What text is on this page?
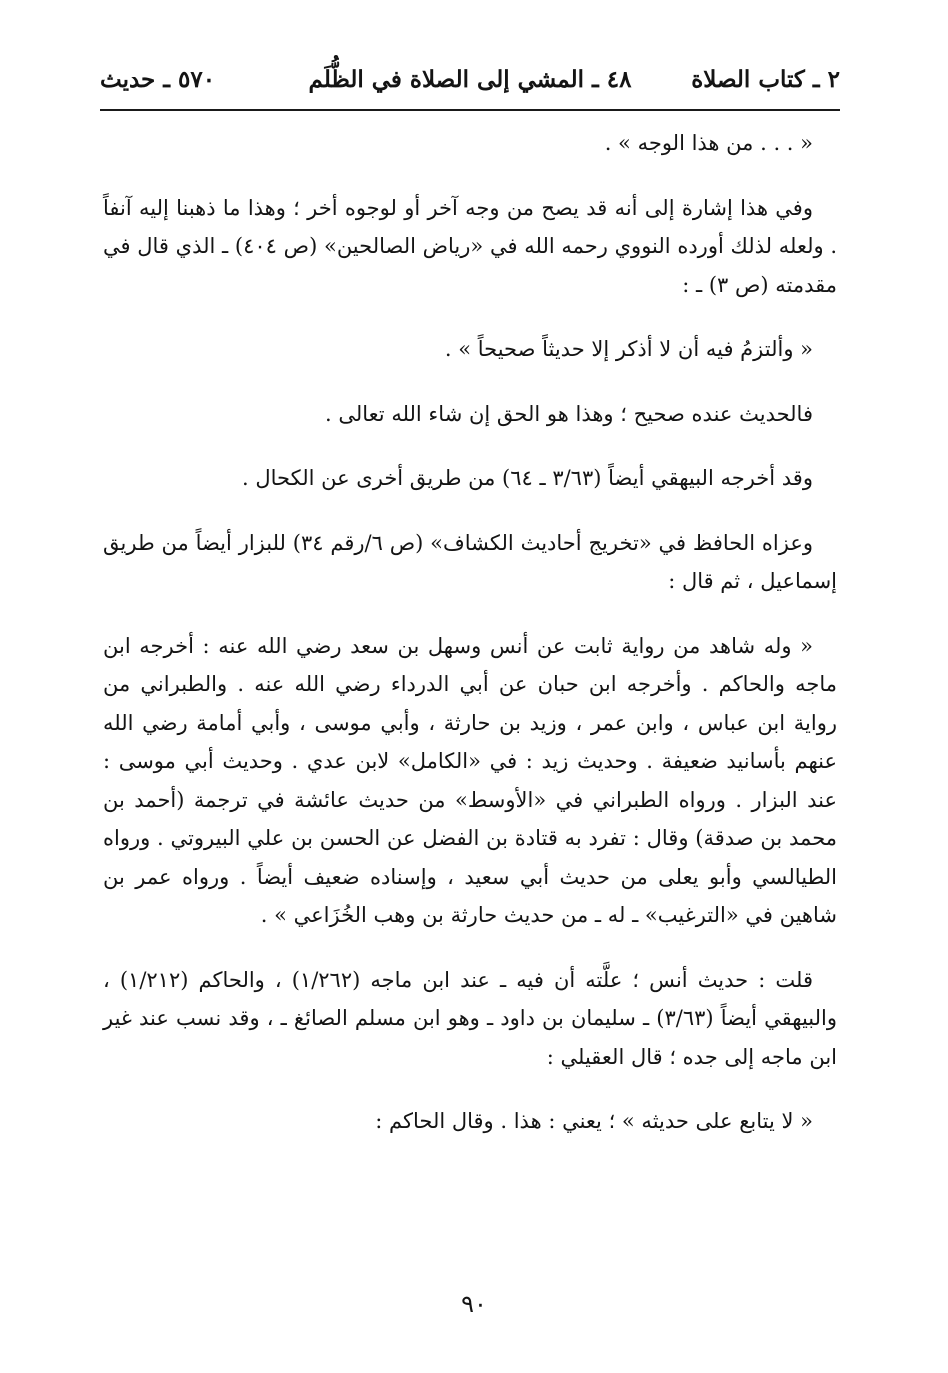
٢ ـ كتاب الصلاة
٤٨ ـ المشي إلى الصلاة في الظُّلَم
٥٧٠ ـ حديث

« . . . من هذا الوجه » .

وفي هذا إشارة إلى أنه قد يصح من وجه آخر أو لوجوه أخر ؛ وهذا ما ذهبنا إليه آنفاً . ولعله لذلك أورده النووي رحمه الله في «رياض الصالحين» (ص ٤٠٤) ـ الذي قال في مقدمته (ص ٣) ـ :

« وألتزمُ فيه أن لا أذكر إلا حديثاً صحيحاً » .

فالحديث عنده صحيح ؛ وهذا هو الحق إن شاء الله تعالى .

وقد أخرجه البيهقي أيضاً (٣/٦٣ ـ ٦٤) من طريق أخرى عن الكحال .

وعزاه الحافظ في «تخريج أحاديث الكشاف» (ص ٦/رقم ٣٤) للبزار أيضاً من طريق إسماعيل ، ثم قال :

« وله شاهد من رواية ثابت عن أنس وسهل بن سعد رضي الله عنه : أخرجه ابن ماجه والحاكم . وأخرجه ابن حبان عن أبي الدرداء رضي الله عنه . والطبراني من رواية ابن عباس ، وابن عمر ، وزيد بن حارثة ، وأبي موسى ، وأبي أمامة رضي الله عنهم بأسانيد ضعيفة . وحديث زيد : في «الكامل» لابن عدي . وحديث أبي موسى : عند البزار . ورواه الطبراني في «الأوسط» من حديث عائشة في ترجمة (أحمد بن محمد بن صدقة) وقال : تفرد به قتادة بن الفضل عن الحسن بن علي البيروتي . ورواه الطيالسي وأبو يعلى من حديث أبي سعيد ، وإسناده ضعيف أيضاً . ورواه عمر بن شاهين في «الترغيب» ـ له ـ من حديث حارثة بن وهب الخُزَاعي » .

قلت : حديث أنس ؛ علَّته أن فيه ـ عند ابن ماجه (١/٢٦٢) ، والحاكم (١/٢١٢) ، والبيهقي أيضاً (٣/٦٣) ـ سليمان بن داود ـ وهو ابن مسلم الصائغ ـ ، وقد نسب عند غير ابن ماجه إلى جده ؛ قال العقيلي :

« لا يتابع على حديثه » ؛ يعني : هذا . وقال الحاكم :

٩٠
